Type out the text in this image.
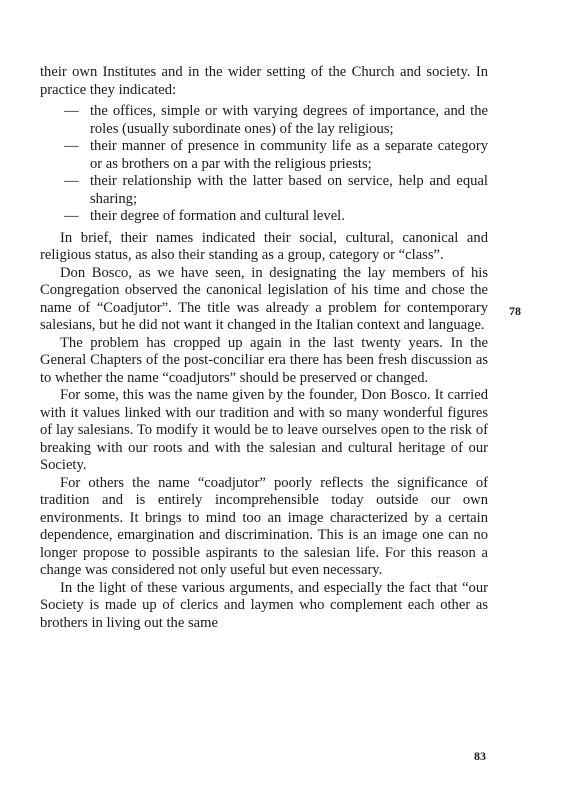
their own Institutes and in the wider setting of the Church and society. In practice they indicated:

— the offices, simple or with varying degrees of importance, and the roles (usually subordinate ones) of the lay religious;
— their manner of presence in community life as a separate category or as brothers on a par with the religious priests;
— their relationship with the latter based on service, help and equal sharing;
— their degree of formation and cultural level.

In brief, their names indicated their social, cultural, canonical and religious status, as also their standing as a group, category or “class”.

Don Bosco, as we have seen, in designating the lay members of his Congregation observed the canonical legislation of his time and chose the name of “Coadjutor”. The title was already a problem for contemporary salesians, but he did not want it changed in the Italian context and language.

The problem has cropped up again in the last twenty years. In the General Chapters of the post-conciliar era there has been fresh discussion as to whether the name “coadjutors” should be preserved or changed.

For some, this was the name given by the founder, Don Bosco. It carried with it values linked with our tradition and with so many wonderful figures of lay salesians. To modify it would be to leave ourselves open to the risk of breaking with our roots and with the salesian and cultural heritage of our Society.

For others the name “coadjutor” poorly reflects the significance of tradition and is entirely incomprehensible today outside our own environments. It brings to mind too an image characterized by a certain dependence, emargination and discrimination. This is an image one can no longer propose to possible aspirants to the salesian life. For this reason a change was considered not only useful but even necessary.

In the light of these various arguments, and especially the fact that “our Society is made up of clerics and laymen who complement each other as brothers in living out the same

78
83
